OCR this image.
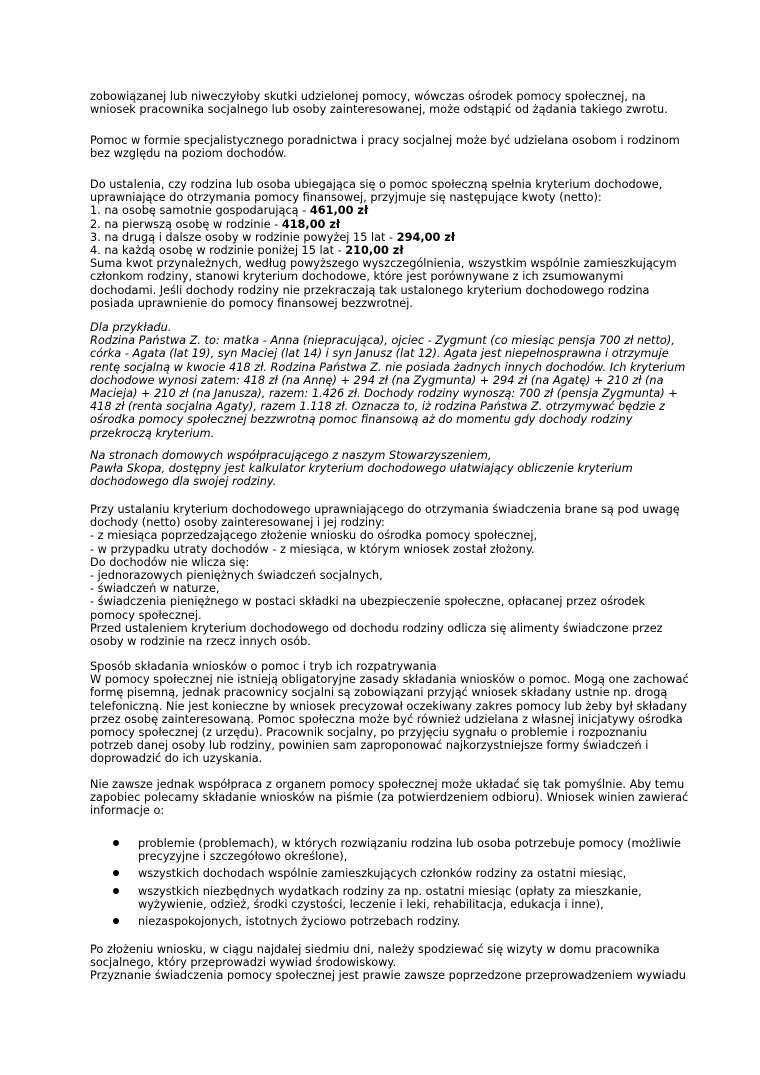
zobowiązanej lub niweczyłoby skutki udzielonej pomocy, wówczas ośrodek pomocy społecznej, na
wniosek pracownika socjalnego lub osoby zainteresowanej, może odstąpić od żądania takiego zwrotu.
Pomoc w formie specjalistycznego poradnictwa i pracy socjalnej może być udzielana osobom i rodzinom
bez względu na poziom dochodów.
Do ustalenia, czy rodzina lub osoba ubiegająca się o pomoc społeczną spełnia kryterium dochodowe,
uprawniające do otrzymania pomocy finansowej, przyjmuje się następujące kwoty (netto):
1. na osobę samotnie gospodarującą - 461,00 zł
2. na pierwszą osobę w rodzinie - 418,00 zł
3. na drugą i dalsze osoby w rodzinie powyżej 15 lat - 294,00 zł
4. na każdą osobę w rodzinie poniżej 15 lat - 210,00 zł
Suma kwot przynależnych, według powyższego wyszczególnienia, wszystkim wspólnie zamieszkującym
członkom rodziny, stanowi kryterium dochodowe, które jest porównywane z ich zsumowanymi
dochodami. Jeśli dochody rodziny nie przekraczają tak ustalonego kryterium dochodowego rodzina
posiada uprawnienie do pomocy finansowej bezzwrotnej.
Dla przykładu.
Rodzina Państwa Z. to: matka - Anna (niepracująca), ojciec - Zygmunt (co miesiąc pensja 700 zł netto),
córka - Agata (lat 19), syn Maciej (lat 14) i syn Janusz (lat 12). Agata jest niepełnosprawna i otrzymuje
rentę socjalną w kwocie 418 zł. Rodzina Państwa Z. nie posiada żadnych innych dochodów. Ich kryterium
dochodowe wynosi zatem: 418 zł (na Annę) + 294 zł (na Zygmunta) + 294 zł (na Agatę) + 210 zł (na
Macieja) + 210 zł (na Janusza), razem: 1.426 zł. Dochody rodziny wynoszą: 700 zł (pensja Zygmunta) +
418 zł (renta socjalna Agaty), razem 1.118 zł. Oznacza to, iż rodzina Państwa Z. otrzymywać będzie z
ośrodka pomocy społecznej bezzwrotną pomoc finansową aż do momentu gdy dochody rodziny
przekroczą kryterium.
Na stronach domowych współpracującego z naszym Stowarzyszeniem,
Pawła Skopa, dostępny jest kalkulator kryterium dochodowego ułatwiający obliczenie kryterium
dochodowego dla swojej rodziny.
Przy ustalaniu kryterium dochodowego uprawniającego do otrzymania świadczenia brane są pod uwagę
dochody (netto) osoby zainteresowanej i jej rodziny:
- z miesiąca poprzedzającego złożenie wniosku do ośrodka pomocy społecznej,
- w przypadku utraty dochodów - z miesiąca, w którym wniosek został złożony.
Do dochodów nie wlicza się:
- jednorazowych pieniężnych świadczeń socjalnych,
- świadczeń w naturze,
- świadczenia pieniężnego w postaci składki na ubezpieczenie społeczne, opłacanej przez ośrodek
pomocy społecznej.
Przed ustaleniem kryterium dochodowego od dochodu rodziny odlicza się alimenty świadczone przez
osoby w rodzinie na rzecz innych osób.
Sposób składania wniosków o pomoc i tryb ich rozpatrywania
W pomocy społecznej nie istnieją obligatoryjne zasady składania wniosków o pomoc. Mogą one zachować
formę pisemną, jednak pracownicy socjalni są zobowiązani przyjąć wniosek składany ustnie np. drogą
telefoniczną. Nie jest konieczne by wniosek precyzował oczekiwany zakres pomocy lub żeby był składany
przez osobę zainteresowaną. Pomoc społeczna może być również udzielana z własnej inicjatywy ośrodka
pomocy społecznej (z urzędu). Pracownik socjalny, po przyjęciu sygnału o problemie i rozpoznaniu
potrzeb danej osoby lub rodziny, powinien sam zaproponować najkorzystniejsze formy świadczeń i
doprowadzić do ich uzyskania.
Nie zawsze jednak współpraca z organem pomocy społecznej może układać się tak pomyślnie. Aby temu
zapobiec polecamy składanie wniosków na piśmie (za potwierdzeniem odbioru). Wniosek winien zawierać
informacje o:
problemie (problemach), w których rozwiązaniu rodzina lub osoba potrzebuje pomocy (możliwie
precyzyjne i szczegółowo określone),
wszystkich dochodach wspólnie zamieszkujących członków rodziny za ostatni miesiąc,
wszystkich niezbędnych wydatkach rodziny za np. ostatni miesiąc (opłaty za mieszkanie,
wyżywienie, odzież, środki czystości, leczenie i leki, rehabilitacja, edukacja i inne),
niezaspokojonych, istotnych życiowo potrzebach rodziny.
Po złożeniu wniosku, w ciągu najdalej siedmiu dni, należy spodziewać się wizyty w domu pracownika
socjalnego, który przeprowadzi wywiad środowiskowy.
Przyznanie świadczenia pomocy społecznej jest prawie zawsze poprzedzone przeprowadzeniem wywiadu
